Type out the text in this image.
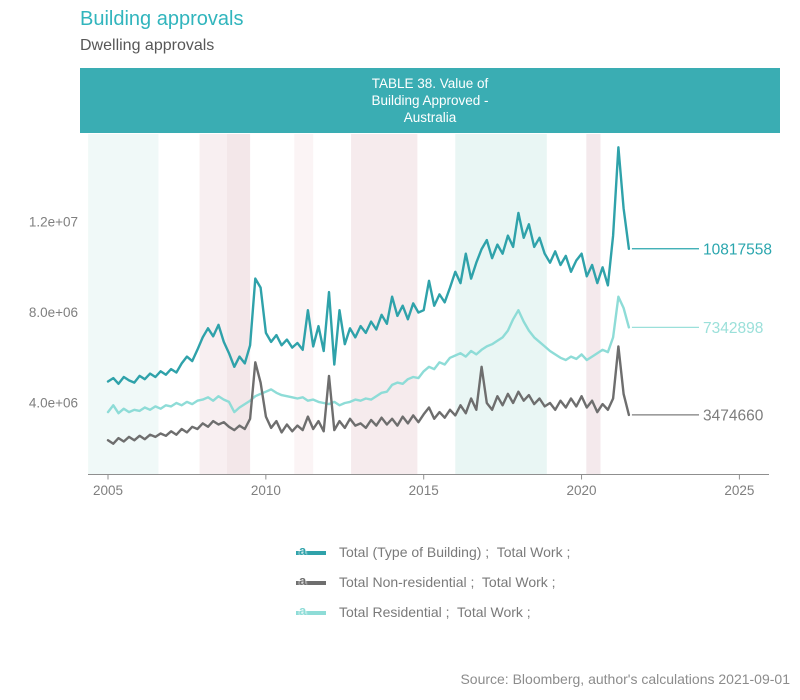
10817558
3474660
7342898
2005	2010	2015	2020	2025
4.0e+06
8.0e+06
1.2e+07
Building approvals
Dwelling approvals
TABLE 38. Value of
Building Approved -
Australia
a Total (Type of Building) ;  Total Work ;
a Total Non-residential ;  Total Work ;
a Total Residential ;  Total Work ;
Source: Bloomberg, author's calculations 2021-09-01
